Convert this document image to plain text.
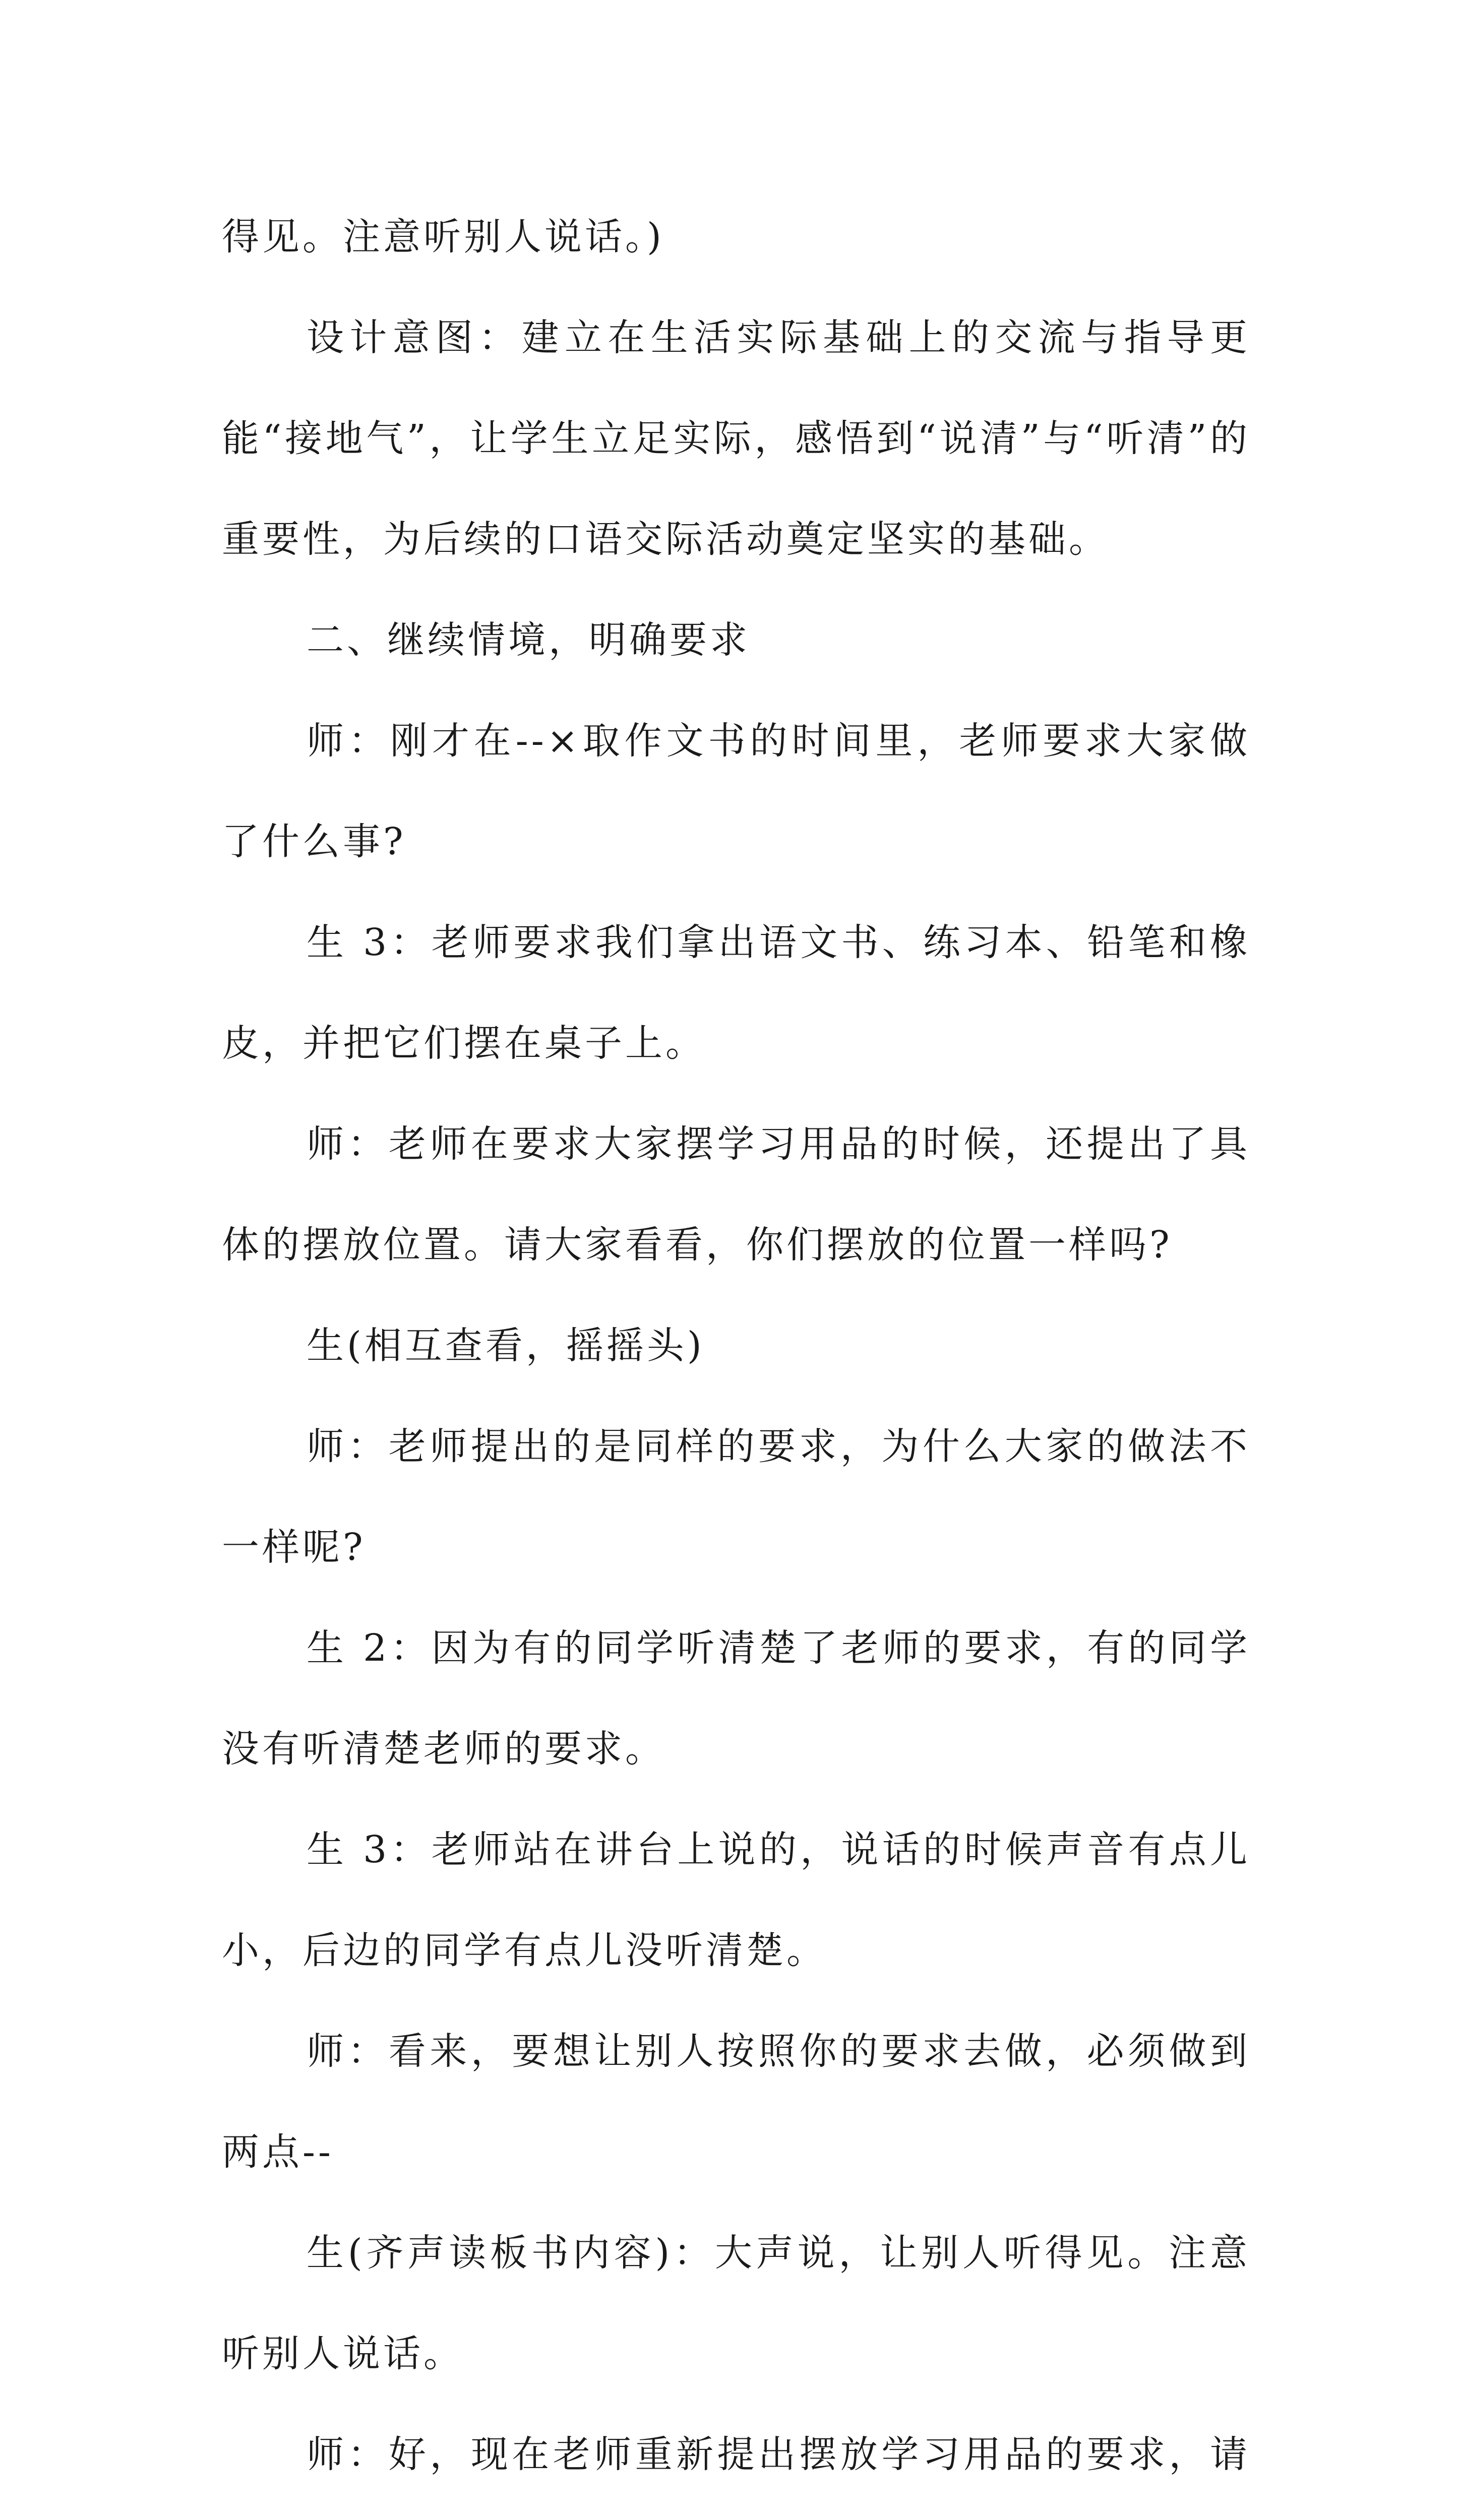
得见。注意听别人说话。)

设计意图：建立在生活实际基础上的交流与指导更能“接地气”，让学生立足实际，感悟到“说清”与“听清”的重要性，为后续的口语交际活动奠定坚实的基础。

二、继续情境，明确要求

师：刚才在--×取作文书的时间里，老师要求大家做了什么事?

生 3：老师要求我们拿出语文书、练习本、铅笔和橡皮，并把它们摆在桌子上。

师：老师在要求大家摆学习用品的时候，还提出了具体的摆放位置。请大家看看，你们摆放的位置一样吗?

生(相互查看，摇摇头)

师：老师提出的是同样的要求，为什么大家的做法不一样呢?

生 2：因为有的同学听清楚了老师的要求，有的同学没有听清楚老师的要求。

生 3：老师站在讲台上说的，说话的时候声音有点儿小，后边的同学有点儿没听清楚。

师：看来，要想让别人按照你的要求去做，必须做到两点--

生(齐声读板书内容)：大声说，让别人听得见。注意听别人说话。

师：好，现在老师重新提出摆放学习用品的要求，请
